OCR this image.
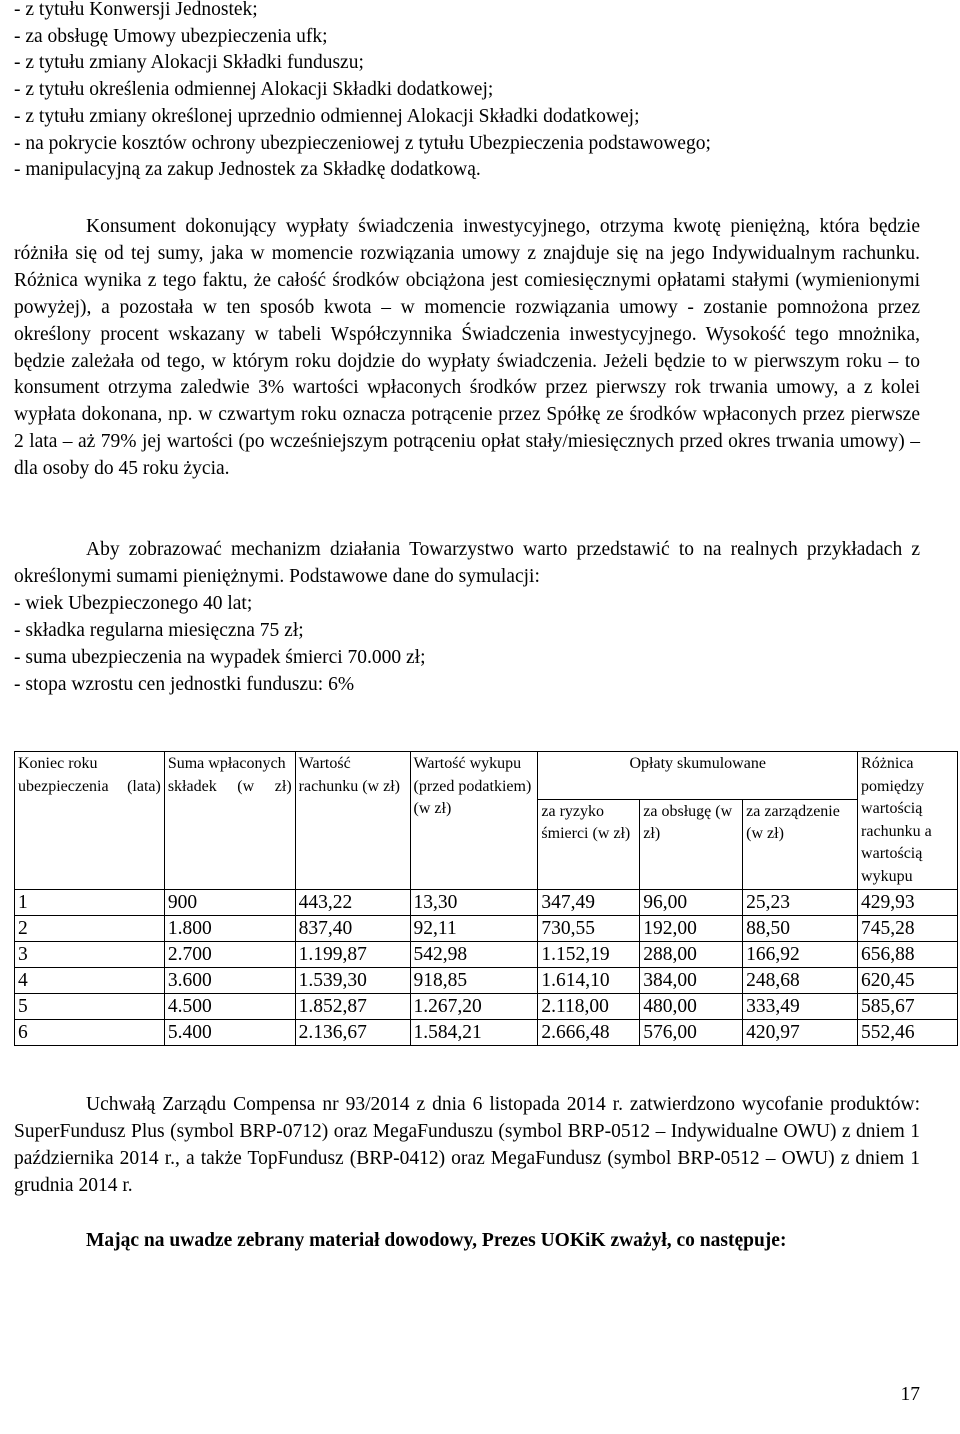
- z tytułu Konwersji Jednostek;
- za obsługę Umowy ubezpieczenia ufk;
- z tytułu zmiany Alokacji Składki funduszu;
- z tytułu określenia odmiennej Alokacji Składki dodatkowej;
- z tytułu zmiany określonej uprzednio odmiennej Alokacji Składki dodatkowej;
- na pokrycie kosztów ochrony ubezpieczeniowej z tytułu Ubezpieczenia podstawowego;
- manipulacyjną za zakup Jednostek za Składkę dodatkową.

Konsument dokonujący wypłaty świadczenia inwestycyjnego, otrzyma kwotę pieniężną, która będzie różniła się od tej sumy, jaka w momencie rozwiązania umowy z znajduje się na jego Indywidualnym rachunku. Różnica wynika z tego faktu, że całość środków obciążona jest comiesięcznymi opłatami stałymi (wymienionymi powyżej), a pozostała w ten sposób kwota – w momencie rozwiązania umowy - zostanie pomnożona przez określony procent wskazany w tabeli Współczynnika Świadczenia inwestycyjnego. Wysokość tego mnożnika, będzie zależała od tego, w którym roku dojdzie do wypłaty świadczenia. Jeżeli będzie to w pierwszym roku – to konsument otrzyma zaledwie 3% wartości wpłaconych środków przez pierwszy rok trwania umowy, a z kolei wypłata dokonana, np. w czwartym roku oznacza potrącenie przez Spółkę ze środków wpłaconych przez pierwsze 2 lata – aż 79% jej wartości (po wcześniejszym potrąceniu opłat stały/miesięcznych przed okres trwania umowy) – dla osoby do 45 roku życia.

Aby zobrazować mechanizm działania Towarzystwo warto przedstawić to na realnych przykładach z określonymi sumami pieniężnymi. Podstawowe dane do symulacji:

- wiek Ubezpieczonego 40 lat;
- składka regularna miesięczna 75 zł;
- suma ubezpieczenia na wypadek śmierci 70.000 zł;
- stopa wzrostu cen jednostki funduszu: 6%
Koniec roku ubezpieczenia (lata)	Suma wpłaconych składek (w zł)	Wartość rachunku (w zł)	Wartość wykupu (przed podatkiem) (w zł)	Opłaty skumulowane			Różnica pomiędzy wartością rachunku a wartością wykupu
				za ryzyko śmierci (w zł)	za obsługę (w zł)	za zarządzenie (w zł)	
1	900	443,22	13,30	347,49	96,00	25,23	429,93
2	1.800	837,40	92,11	730,55	192,00	88,50	745,28
3	2.700	1.199,87	542,98	1.152,19	288,00	166,92	656,88
4	3.600	1.539,30	918,85	1.614,10	384,00	248,68	620,45
5	4.500	1.852,87	1.267,20	2.118,00	480,00	333,49	585,67
6	5.400	2.136,67	1.584,21	2.666,48	576,00	420,97	552,46

Uchwałą Zarządu Compensa nr 93/2014 z dnia 6 listopada 2014 r. zatwierdzono wycofanie produktów: SuperFundusz Plus (symbol BRP-0712) oraz MegaFunduszu (symbol BRP-0512 – Indywidualne OWU) z dniem 1 października 2014 r., a także TopFundusz (BRP-0412) oraz MegaFundusz (symbol BRP-0512 – OWU) z dniem 1 grudnia 2014 r.

Mając na uwadze zebrany materiał dowodowy, Prezes UOKiK zważył, co następuje:

17
